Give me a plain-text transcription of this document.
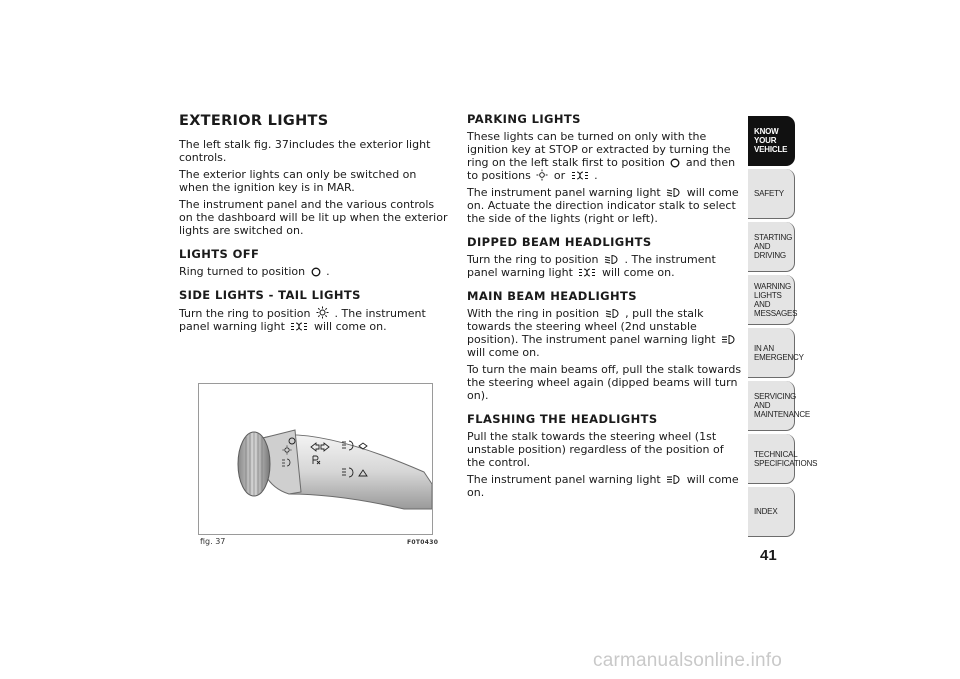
EXTERIOR LIGHTS

The left stalk fig. 37includes the exterior light controls.

The exterior lights can only be switched on when the ignition key is in MAR.

The instrument panel and the various controls on the dashboard will be lit up when the exterior lights are switched on.

LIGHTS OFF

Ring turned to position .

SIDE LIGHTS - TAIL LIGHTS

Turn the ring to position . The instrument panel warning light	will come on.

fig. 37	F0T0430
PARKING LIGHTS

These lights can be turned on only with the ignition key at STOP or extracted by turning the ring on the left stalk first to position and then to positions or	.

The instrument panel warning light will come on. Actuate the direction indicator stalk to select the side of the lights (right or left).

DIPPED BEAM HEADLIGHTS

Turn the ring to position . The instrument panel warning light	will come on.

MAIN BEAM HEADLIGHTS

With the ring in position , pull the stalk towards the steering wheel (2nd unstable position). The instrument panel warning light  will come on.

To turn the main beams off, pull the stalk towards the steering wheel again (dipped beams will turn on).

FLASHING THE HEADLIGHTS

Pull the stalk towards the steering wheel (1st unstable position) regardless of the position of the control.

The instrument panel warning light will come on.

KNOW YOUR VEHICLE
SAFETY
STARTING AND DRIVING
WARNING LIGHTS AND MESSAGES
IN AN EMERGENCY
SERVICING AND MAINTENANCE
TECHNICAL SPECIFICATIONS
INDEX
41
carmanualsonline.info
